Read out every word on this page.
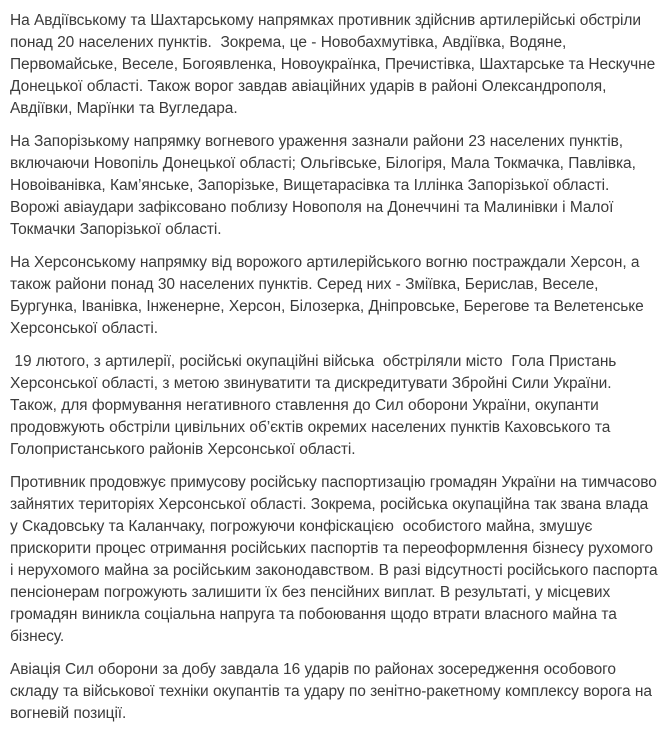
На Авдіївському та Шахтарському напрямках противник здійснив артилерійські обстріли понад 20 населених пунктів.  Зокрема, це - Новобахмутівка, Авдіївка, Водяне, Первомайське, Веселе, Богоявленка, Новоукраїнка, Пречистівка, Шахтарське та Нескучне Донецької області. Також ворог завдав авіаційних ударів в районі Олександрополя, Авдіївки, Марїнки та Вугледара.

На Запорізькому напрямку вогневого ураження зазнали райони 23 населених пунктів, включаючи Новопіль Донецької області; Ольгівське, Білогіря, Мала Токмачка, Павлівка, Новоіванівка, Кам’янське, Запорізьке, Вищетарасівка та Іллінка Запорізької області. Ворожі авіаудари зафіксовано поблизу Новополя на Донеччині та Малинівки і Малої Токмачки Запорізької області.

На Херсонському напрямку від ворожого артилерійського вогню постраждали Херсон, а також райони понад 30 населених пунктів. Серед них - Зміївка, Берислав, Веселе, Бургунка, Іванівка, Інженерне, Херсон, Білозерка, Дніпровське, Берегове та Велетенське Херсонської області.

19 лютого, з артилерії, російські окупаційні війська  обстріляли місто  Гола Пристань Херсонської області, з метою звинуватити та дискредитувати Збройні Сили України. Також, для формування негативного ставлення до Сил оборони України, окупанти продовжують обстріли цивільних об’єктів окремих населених пунктів Каховського та Голопристанського районів Херсонської області.

Противник продовжує примусову російську паспортизацію громадян України на тимчасово зайнятих територіях Херсонської області. Зокрема, російська окупаційна так звана влада у Скадовську та Каланчаку, погрожуючи конфіскацією  особистого майна, змушує прискорити процес отримання російських паспортів та переоформлення бізнесу рухомого і нерухомого майна за російським законодавством. В разі відсутності російського паспорта пенсіонерам погрожують залишити їх без пенсійних виплат. В результаті, у місцевих громадян виникла соціальна напруга та побоювання щодо втрати власного майна та бізнесу.

Авіація Сил оборони за добу завдала 16 ударів по районах зосередження особового складу та військової техніки окупантів та удару по зенітно-ракетному комплексу ворога на вогневій позиції.
